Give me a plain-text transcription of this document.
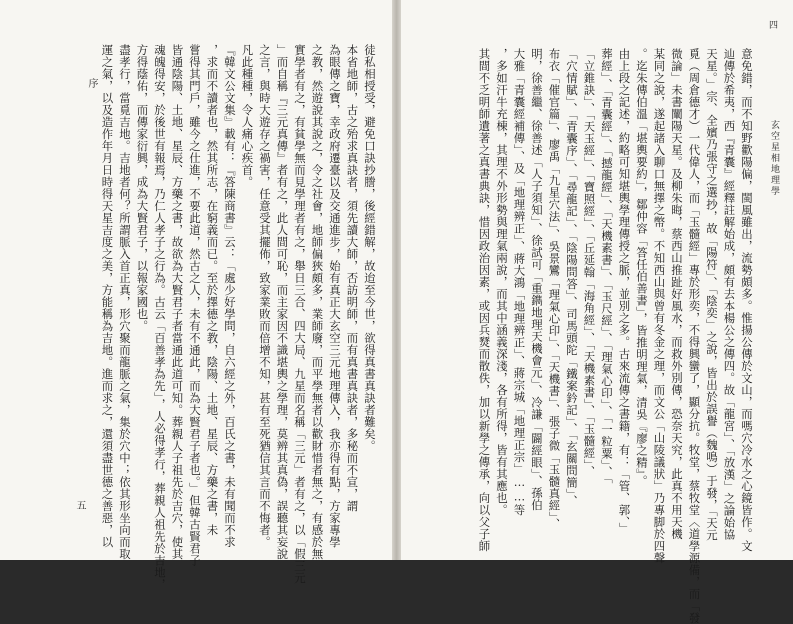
玄空星相地理學
四
意免錯，而不知野歡陽偏，閩風雖出，流勢頗多。惟揚公傳於文山，而嗎穴冷水之心鏡皆作。文
辿傳於希夷，西『青囊』經釋註解始成，頗有去本楊公之傳四。故「龍宮」、「放漢」之論始協
天星。」宗、全嬪乃張守之選抄，故「陽符」、「陰奕」之說，皆出於誤譽（魏鳴）于發，「天元
覓（周倉德才）一代偉人，而「玉髓經」專於形奕，不得興蠻了，顯分抗。牧堂，蔡牧堂〈道學源備，而「發
微論」未書闡陽天星。及柳朱晦，蔡西山推趾好風水，而救外別傳，恐奈天究，此真不用天機
某同之說，遂起諸入聊口無擇之幣。不知西山與曾有冬金之理，而文公「山陵議狀」乃專脚於四聲
。迄朱傳伯溫「堪輿要約」，鄒仲容「答任伯善書」，皆推明理氣，清吳『廖之精』。
由上段之記述，約略可知堪輿學理傳授之脈，並別之多。古來流傳之書籍，有：「管、郭、」
葬經」、「青囊經」、「撼龍經」、「天機素書」、「玉尺經」、「理氣心印」、「一粒粟」、「
「立錐訣」、「天玉經」、「寶照經」、「丘延翰「海角經」、「天機素書」、「玉髓經」、
「穴情賦」、「青囊序」、「尋龍記」、「陰陽問答」、司馬頭陀「鐵案鈐記」、「玄關問簡」、
布衣「催官篇」、廖禹「九星穴法」、吳景鸞「理氣心印」、「天機書」、張子微「玉髓真經」、
明，徐善繼、徐善述「人子須知」、徐試可「重鐫地理天機會元」、冷謙「闢經眼」、孫伯
大雅「青囊經補傳」、及「地理辨正」、蔣大鴻「地理辨正」、蔣宗城「地理正宗」……等
，多如汗牛充棟，其理不外形勢與理氣兩說，而其中涵義深淺，各有所得，皆有其應也。
其間不乏明師遺著之真書典訣，惜因政治因素，或因兵燹而散佚，加以新學之傳承，向以父子師
序
五
徒私相授受，避免口訣抄謄，後經錯解，故迨至今世，欲得真書真訣者難矣。
本省地師，古之殆求真訣者，須先讀大師，否訪明師，而有真書真訣者，多秘而不宣，謂
為眼傳之寶，幸政府遷臺以及交通進步，始有真正大玄空三元地理傳入，我亦得有點，方家專學
之教，然遊說其說之，令之社會，地師偏狹頗多，業師廢，而平學無者以歡財惜者無之，有感於無
實學者有之，有貧學無而見學理者有之，舉日三合、四大局、九星而名稱「三元」者有之，以「假三元
」而自稱『三元真傳』者有之，此人間可恥，而主家因不識堪輿之學理，莫辨其真偽，誤聽其妄說
之言，與時大遊存之禍害，任意受其擺佈，致家業敗而倍增不知，甚有至死猶信其言而不悔者。
凡此種種，令人痛心疾首。
『韓文公文集』載有：『答陳商書』云：「處少好學問，自六經之外，百氏之書，未有聞而不求
，求而不讀者也，然其所志，在窮義而已。至於擇德之教，陰陽、土地、星辰、方藥之書，未
嘗得其門戶，雖今之仕進，不要此道，然古之人，未有不通此，而為大賢君子者也。」但韓古賢君子
皆通陰陽、土地、星辰、方藥之書，故欲為大賢君子者當通此道可知。葬親人子祖先於吉穴，使其
魂魄得安，於後世有報焉，乃仁人孝子之行為。古云「百善孝為先」，人必得孝行，葬親人祖先於吉地，
方得蔭佑，而傳家衍興，成為大賢君子，以報家國也。
盡孝行，當覓吉地。吉地者何？所謂脈入首正真，形穴聚而龍脈之氣，集於穴中；依其形坐向而取
運之氣，以及造作年月日時得天星吉度之美，方能稱為吉地。進而求之，還須盡世德之善惡，以
